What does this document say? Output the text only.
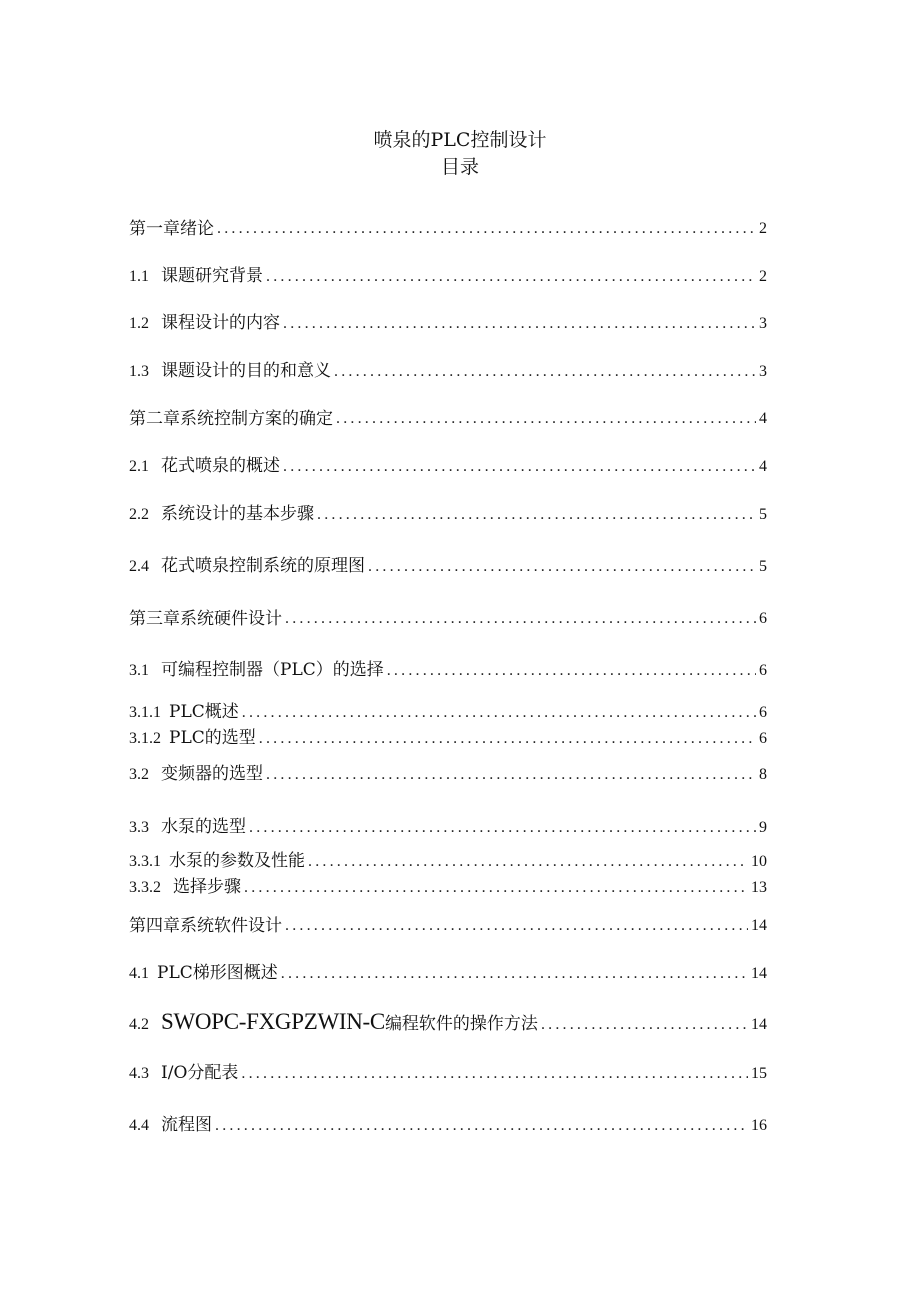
喷泉的PLC控制设计
目录
第一章绪论 .....	2
1.1 课题研究背景 .....	2
1.2 课程设计的内容 .....	3
1.3 课题设计的目的和意义 .....	3
第二章系统控制方案的确定 .....	4
2.1 花式喷泉的概述 .....	4
2.2 系统设计的基本步骤 .....	5
2.4 花式喷泉控制系统的原理图 .....	5
第三章系统硬件设计 .....	6
3.1 可编程控制器（PLC）的选择 .....	6
3.1.1 PLC概述 .....	6
3.1.2 PLC的选型 .....	6
3.2 变频器的选型 .....	8
3.3 水泵的选型 .....	9
3.3.1 水泵的参数及性能 .....	10
3.3.2 选择步骤 .....	13
第四章系统软件设计 .....	14
4.1 PLC梯形图概述 .....	14
4.2 SWOPC-FXGPZWIN-C编程软件的操作方法 .....	14
4.3 I/O分配表 .....	15
4.4 流程图 .....	16
